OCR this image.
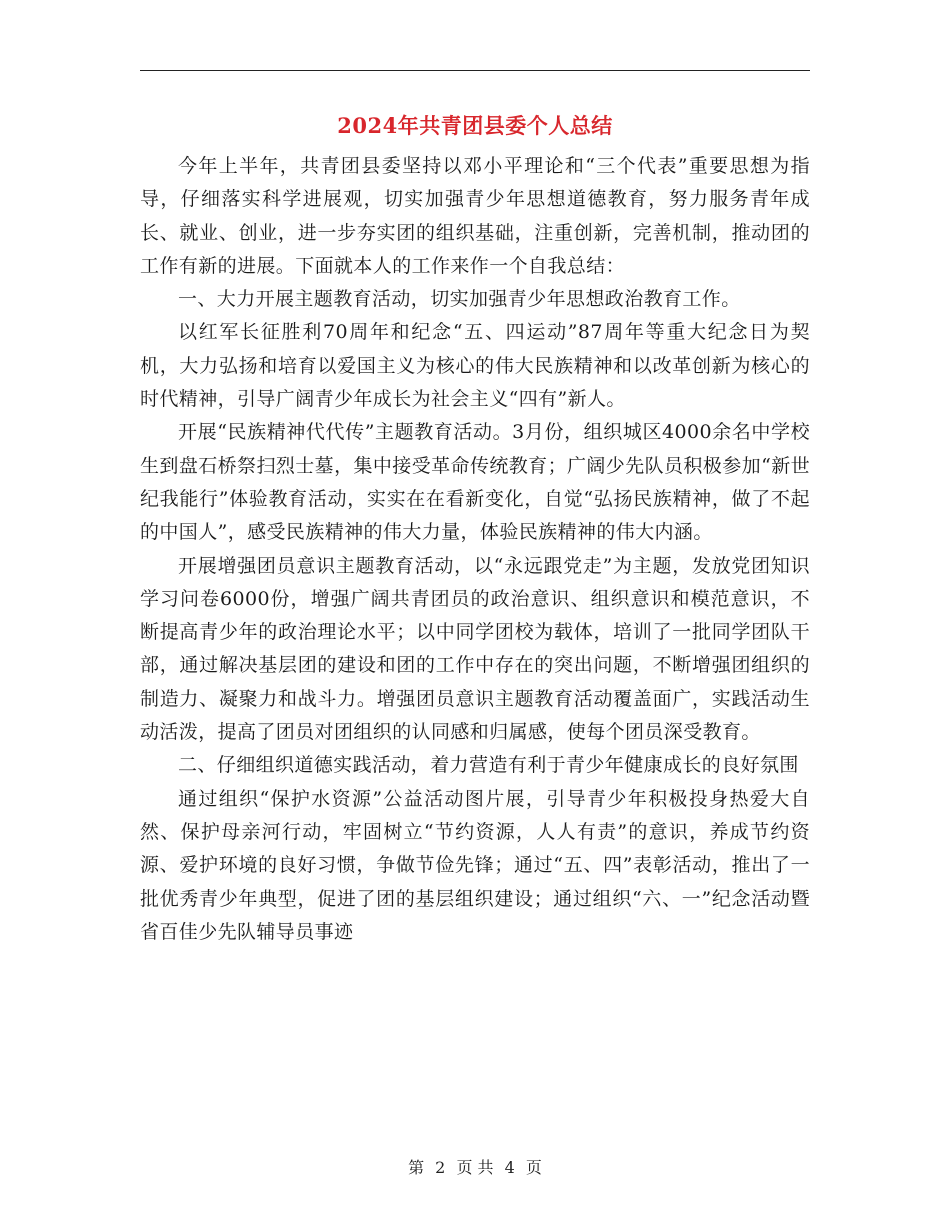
2024年共青团县委个人总结

今年上半年，共青团县委坚持以邓小平理论和“三个代表”重要思想为指导，仔细落实科学进展观，切实加强青少年思想道德教育，努力服务青年成长、就业、创业，进一步夯实团的组织基础，注重创新，完善机制，推动团的工作有新的进展。下面就本人的工作来作一个自我总结：

一、大力开展主题教育活动，切实加强青少年思想政治教育工作。

以红军长征胜利70周年和纪念“五、四运动”87周年等重大纪念日为契机，大力弘扬和培育以爱国主义为核心的伟大民族精神和以改革创新为核心的时代精神，引导广阔青少年成长为社会主义“四有”新人。

开展“民族精神代代传”主题教育活动。3月份，组织城区4000余名中学校生到盘石桥祭扫烈士墓，集中接受革命传统教育；广阔少先队员积极参加“新世纪我能行”体验教育活动，实实在在看新变化，自觉“弘扬民族精神，做了不起的中国人”，感受民族精神的伟大力量，体验民族精神的伟大内涵。

开展增强团员意识主题教育活动，以“永远跟党走”为主题，发放党团知识学习问卷6000份，增强广阔共青团员的政治意识、组织意识和模范意识，不断提高青少年的政治理论水平；以中同学团校为载体，培训了一批同学团队干部，通过解决基层团的建设和团的工作中存在的突出问题，不断增强团组织的制造力、凝聚力和战斗力。增强团员意识主题教育活动覆盖面广，实践活动生动活泼，提高了团员对团组织的认同感和归属感，使每个团员深受教育。

二、仔细组织道德实践活动，着力营造有利于青少年健康成长的良好氛围

通过组织“保护水资源”公益活动图片展，引导青少年积极投身热爱大自然、保护母亲河行动，牢固树立“节约资源，人人有责”的意识，养成节约资源、爱护环境的良好习惯，争做节俭先锋；通过“五、四”表彰活动，推出了一批优秀青少年典型，促进了团的基层组织建设；通过组织“六、一”纪念活动暨省百佳少先队辅导员事迹

第 2 页 共 4 页
